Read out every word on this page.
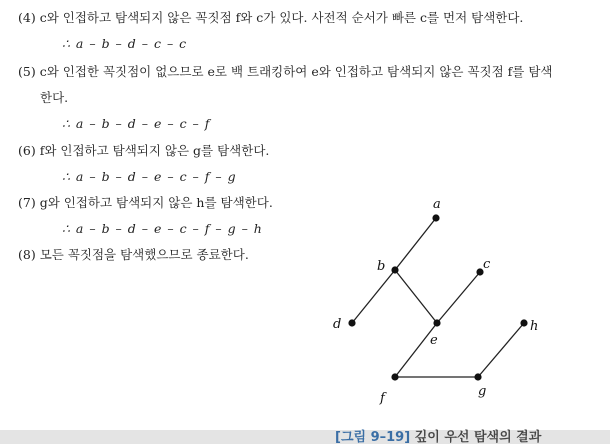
(4) c와 인접하고 탐색되지 않은 꼭짓점 f와 c가 있다. 사전적 순서가 빠른 c를 먼저 탐색한다.
∴ a – b – d – c – c
(5) c와 인접한 꼭짓점이 없으므로 e로 백 트래킹하여 e와 인접하고 탐색되지 않은 꼭짓점 f를 탐색
한다.
∴ a – b – d – e – c – f
(6) f와 인접하고 탐색되지 않은 g를 탐색한다.
∴ a – b – d – e – c – f – g
(7) g와 인접하고 탐색되지 않은 h를 탐색한다.
∴ a – b – d – e – c – f – g – h
(8) 모든 꼭짓점을 탐색했으므로 종료한다.
a
b	c
d
e
f	g
h
[그림 9–19] 깊이 우선 탐색의 결과
